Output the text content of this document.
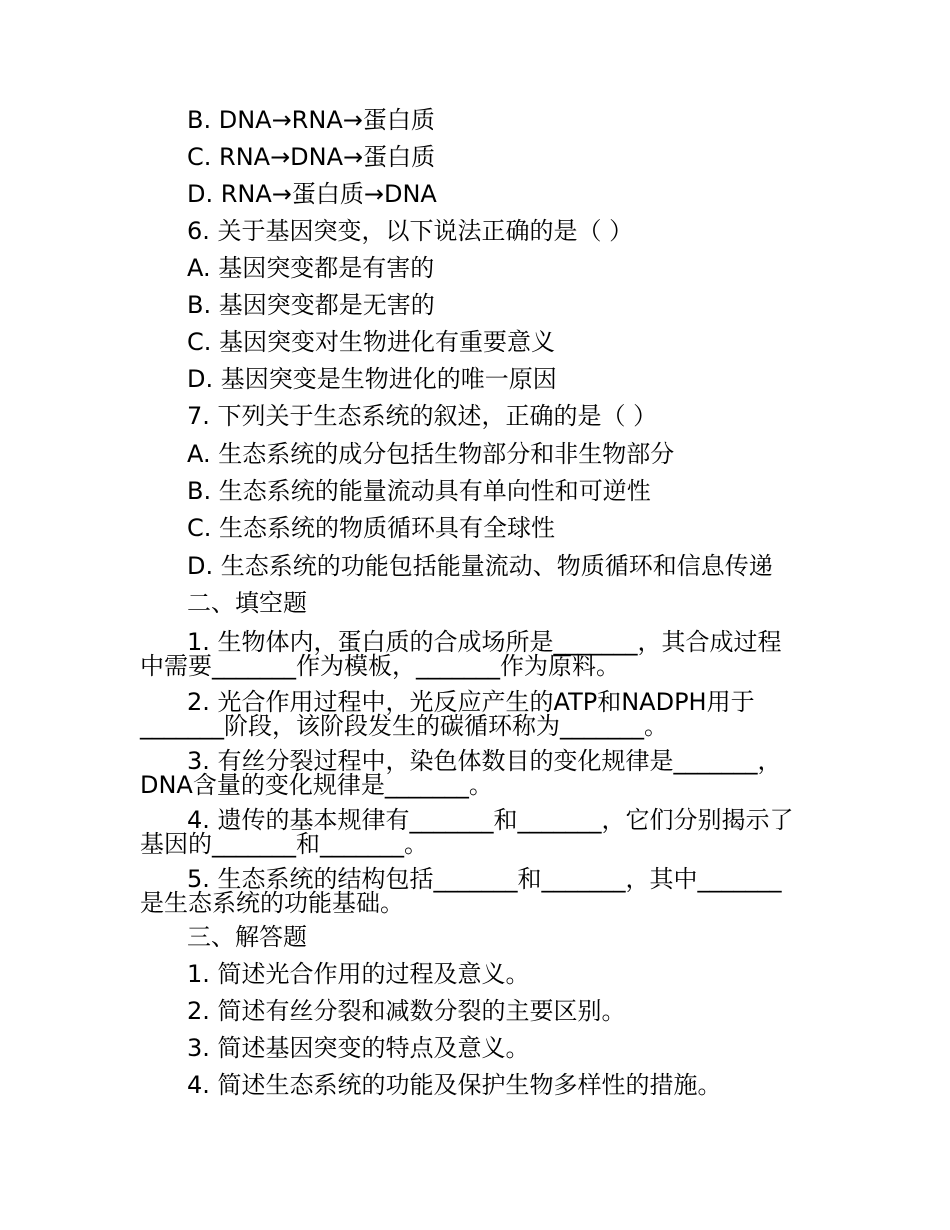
B. DNA→RNA→蛋白质
C. RNA→DNA→蛋白质
D. RNA→蛋白质→DNA
6. 关于基因突变，以下说法正确的是（ ）
A. 基因突变都是有害的
B. 基因突变都是无害的
C. 基因突变对生物进化有重要意义
D. 基因突变是生物进化的唯一原因
7. 下列关于生态系统的叙述，正确的是（ ）
A. 生态系统的成分包括生物部分和非生物部分
B. 生态系统的能量流动具有单向性和可逆性
C. 生态系统的物质循环具有全球性
D. 生态系统的功能包括能量流动、物质循环和信息传递
二、填空题

1. 生物体内，蛋白质的合成场所是_______，其合成过程中需要_______作为模板，_______作为原料。

2. 光合作用过程中，光反应产生的ATP和NADPH用于_______阶段，该阶段发生的碳循环称为_______。

3. 有丝分裂过程中，染色体数目的变化规律是_______，DNA含量的变化规律是_______。

4. 遗传的基本规律有_______和_______，它们分别揭示了基因的_______和_______。

5. 生态系统的结构包括_______和_______，其中_______是生态系统的功能基础。

三、解答题
1. 简述光合作用的过程及意义。
2. 简述有丝分裂和减数分裂的主要区别。
3. 简述基因突变的特点及意义。
4. 简述生态系统的功能及保护生物多样性的措施。
